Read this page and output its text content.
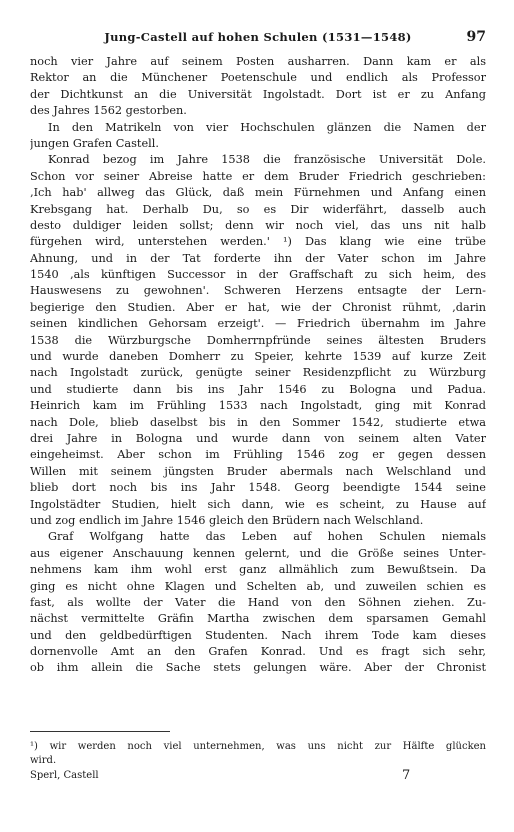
Jung-Castell auf hohen Schulen (1531—1548)	97
noch vier Jahre auf seinem Posten ausharren. Dann kam er als
Rektor an die Münchener Poetenschule und endlich als Professor
der Dichtkunst an die Universität Ingolstadt. Dort ist er zu Anfang
des Jahres 1562 gestorben.
In den Matrikeln von vier Hochschulen glänzen die Namen der
jungen Grafen Castell.
Konrad bezog im Jahre 1538 die französische Universität Dole.
Schon vor seiner Abreise hatte er dem Bruder Friedrich geschrieben:
‚Ich hab' allweg das Glück, daß mein Fürnehmen und Anfang einen
Krebsgang hat. Derhalb Du, so es Dir widerfährt, dasselb auch
desto duldiger leiden sollst; denn wir noch viel, das uns nit halb
fürgehen wird, unterstehen werden.' ¹) Das klang wie eine trübe
Ahnung, und in der Tat forderte ihn der Vater schon im Jahre
1540 ‚als künftigen Successor in der Graffschaft zu sich heim, des
Hauswesens zu gewohnen'. Schweren Herzens entsagte der Lern-
begierige den Studien. Aber er hat, wie der Chronist rühmt, ‚darin
seinen kindlichen Gehorsam erzeigt'. — Friedrich übernahm im Jahre
1538 die Würzburgsche Domherrnpfründe seines ältesten Bruders
und wurde daneben Domherr zu Speier, kehrte 1539 auf kurze Zeit
nach Ingolstadt zurück, genügte seiner Residenzpflicht zu Würzburg
und studierte dann bis ins Jahr 1546 zu Bologna und Padua.
Heinrich kam im Frühling 1533 nach Ingolstadt, ging mit Konrad
nach Dole, blieb daselbst bis in den Sommer 1542, studierte etwa
drei Jahre in Bologna und wurde dann von seinem alten Vater
eingeheimst. Aber schon im Frühling 1546 zog er gegen dessen
Willen mit seinem jüngsten Bruder abermals nach Welschland und
blieb dort noch bis ins Jahr 1548. Georg beendigte 1544 seine
Ingolstädter Studien, hielt sich dann, wie es scheint, zu Hause auf
und zog endlich im Jahre 1546 gleich den Brüdern nach Welschland.
Graf Wolfgang hatte das Leben auf hohen Schulen niemals
aus eigener Anschauung kennen gelernt, und die Größe seines Unter-
nehmens kam ihm wohl erst ganz allmählich zum Bewußtsein. Da
ging es nicht ohne Klagen und Schelten ab, und zuweilen schien es
fast, als wollte der Vater die Hand von den Söhnen ziehen. Zu-
nächst vermittelte Gräfin Martha zwischen dem sparsamen Gemahl
und den geldbedürftigen Studenten. Nach ihrem Tode kam dieses
dornenvolle Amt an den Grafen Konrad. Und es fragt sich sehr,
ob ihm allein die Sache stets gelungen wäre. Aber der Chronist
¹) wir werden noch viel unternehmen, was uns nicht zur Hälfte glücken
wird.
Sperl, Castell	7
